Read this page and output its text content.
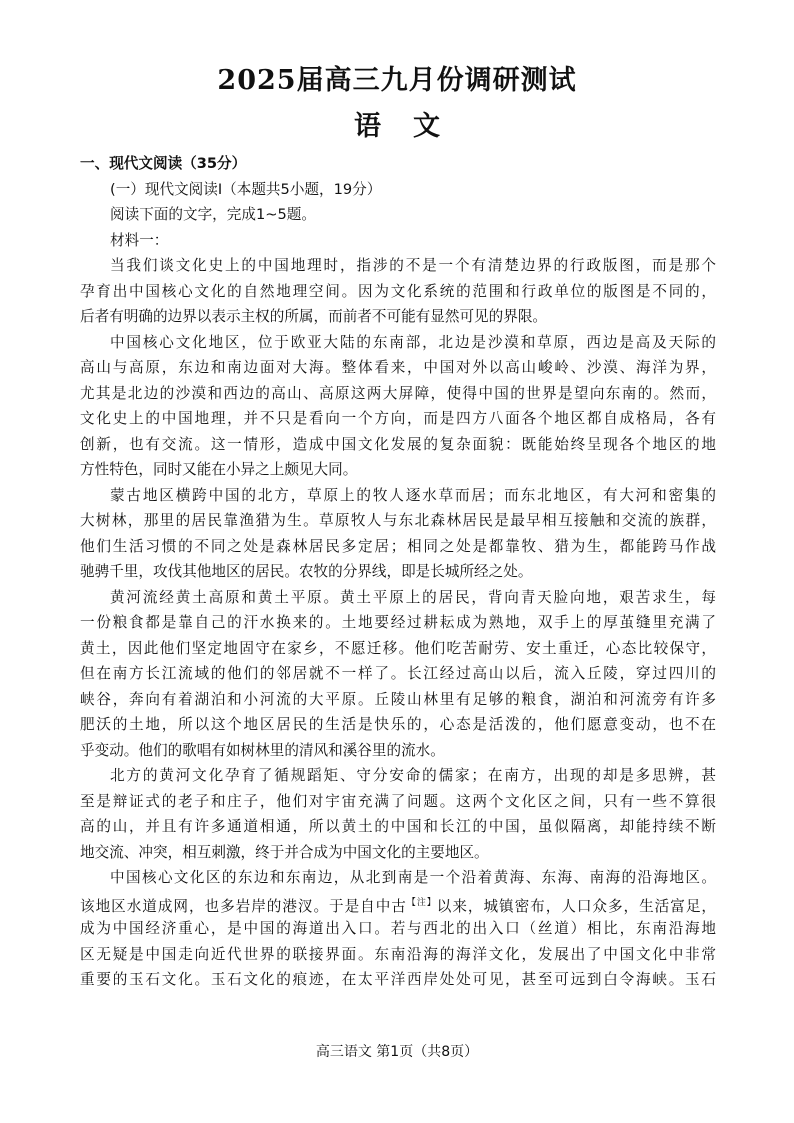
2025届高三九月份调研测试
语文
一、现代文阅读（35分）
(一）现代文阅读Ⅰ（本题共5小题，19分）
阅读下面的文字，完成1~5题。
材料一：
当我们谈文化史上的中国地理时，指涉的不是一个有清楚边界的行政版图，而是那个
孕育出中国核心文化的自然地理空间。因为文化系统的范围和行政单位的版图是不同的，
后者有明确的边界以表示主权的所属，而前者不可能有显然可见的界限。
中国核心文化地区，位于欧亚大陆的东南部，北边是沙漠和草原，西边是高及天际的
高山与高原，东边和南边面对大海。整体看来，中国对外以高山峻岭、沙漠、海洋为界，
尤其是北边的沙漠和西边的高山、高原这两大屏障，使得中国的世界是望向东南的。然而，
文化史上的中国地理，并不只是看向一个方向，而是四方八面各个地区都自成格局，各有
创新，也有交流。这一情形，造成中国文化发展的复杂面貌：既能始终呈现各个地区的地
方性特色，同时又能在小异之上颇见大同。
蒙古地区横跨中国的北方，草原上的牧人逐水草而居；而东北地区，有大河和密集的
大树林，那里的居民靠渔猎为生。草原牧人与东北森林居民是最早相互接触和交流的族群，
他们生活习惯的不同之处是森林居民多定居；相同之处是都靠牧、猎为生，都能跨马作战
驰骋千里，攻伐其他地区的居民。农牧的分界线，即是长城所经之处。
黄河流经黄土高原和黄土平原。黄土平原上的居民，背向青天脸向地，艰苦求生，每
一份粮食都是靠自己的汗水换来的。土地要经过耕耘成为熟地，双手上的厚茧缝里充满了
黄土，因此他们坚定地固守在家乡，不愿迁移。他们吃苦耐劳、安土重迁，心态比较保守，
但在南方长江流域的他们的邻居就不一样了。长江经过高山以后，流入丘陵，穿过四川的
峡谷，奔向有着湖泊和小河流的大平原。丘陵山林里有足够的粮食，湖泊和河流旁有许多
肥沃的土地，所以这个地区居民的生活是快乐的，心态是活泼的，他们愿意变动，也不在
乎变动。他们的歌唱有如树林里的清风和溪谷里的流水。
北方的黄河文化孕育了循规蹈矩、守分安命的儒家；在南方，出现的却是多思辨，甚
至是辩证式的老子和庄子，他们对宇宙充满了问题。这两个文化区之间，只有一些不算很
高的山，并且有许多通道相通，所以黄土的中国和长江的中国，虽似隔离，却能持续不断
地交流、冲突，相互刺激，终于并合成为中国文化的主要地区。
中国核心文化区的东边和东南边，从北到南是一个沿着黄海、东海、南海的沿海地区。
该地区水道成网，也多岩岸的港汊。于是自中古$^{【注】}$以来，城镇密布，人口众多，生活富足，
成为中国经济重心，是中国的海道出入口。若与西北的出入口（丝道）相比，东南沿海地
区无疑是中国走向近代世界的联接界面。东南沿海的海洋文化，发展出了中国文化中非常
重要的玉石文化。玉石文化的痕迹，在太平洋西岸处处可见，甚至可远到白令海峡。玉石

高三语文 第1页（共8页）
